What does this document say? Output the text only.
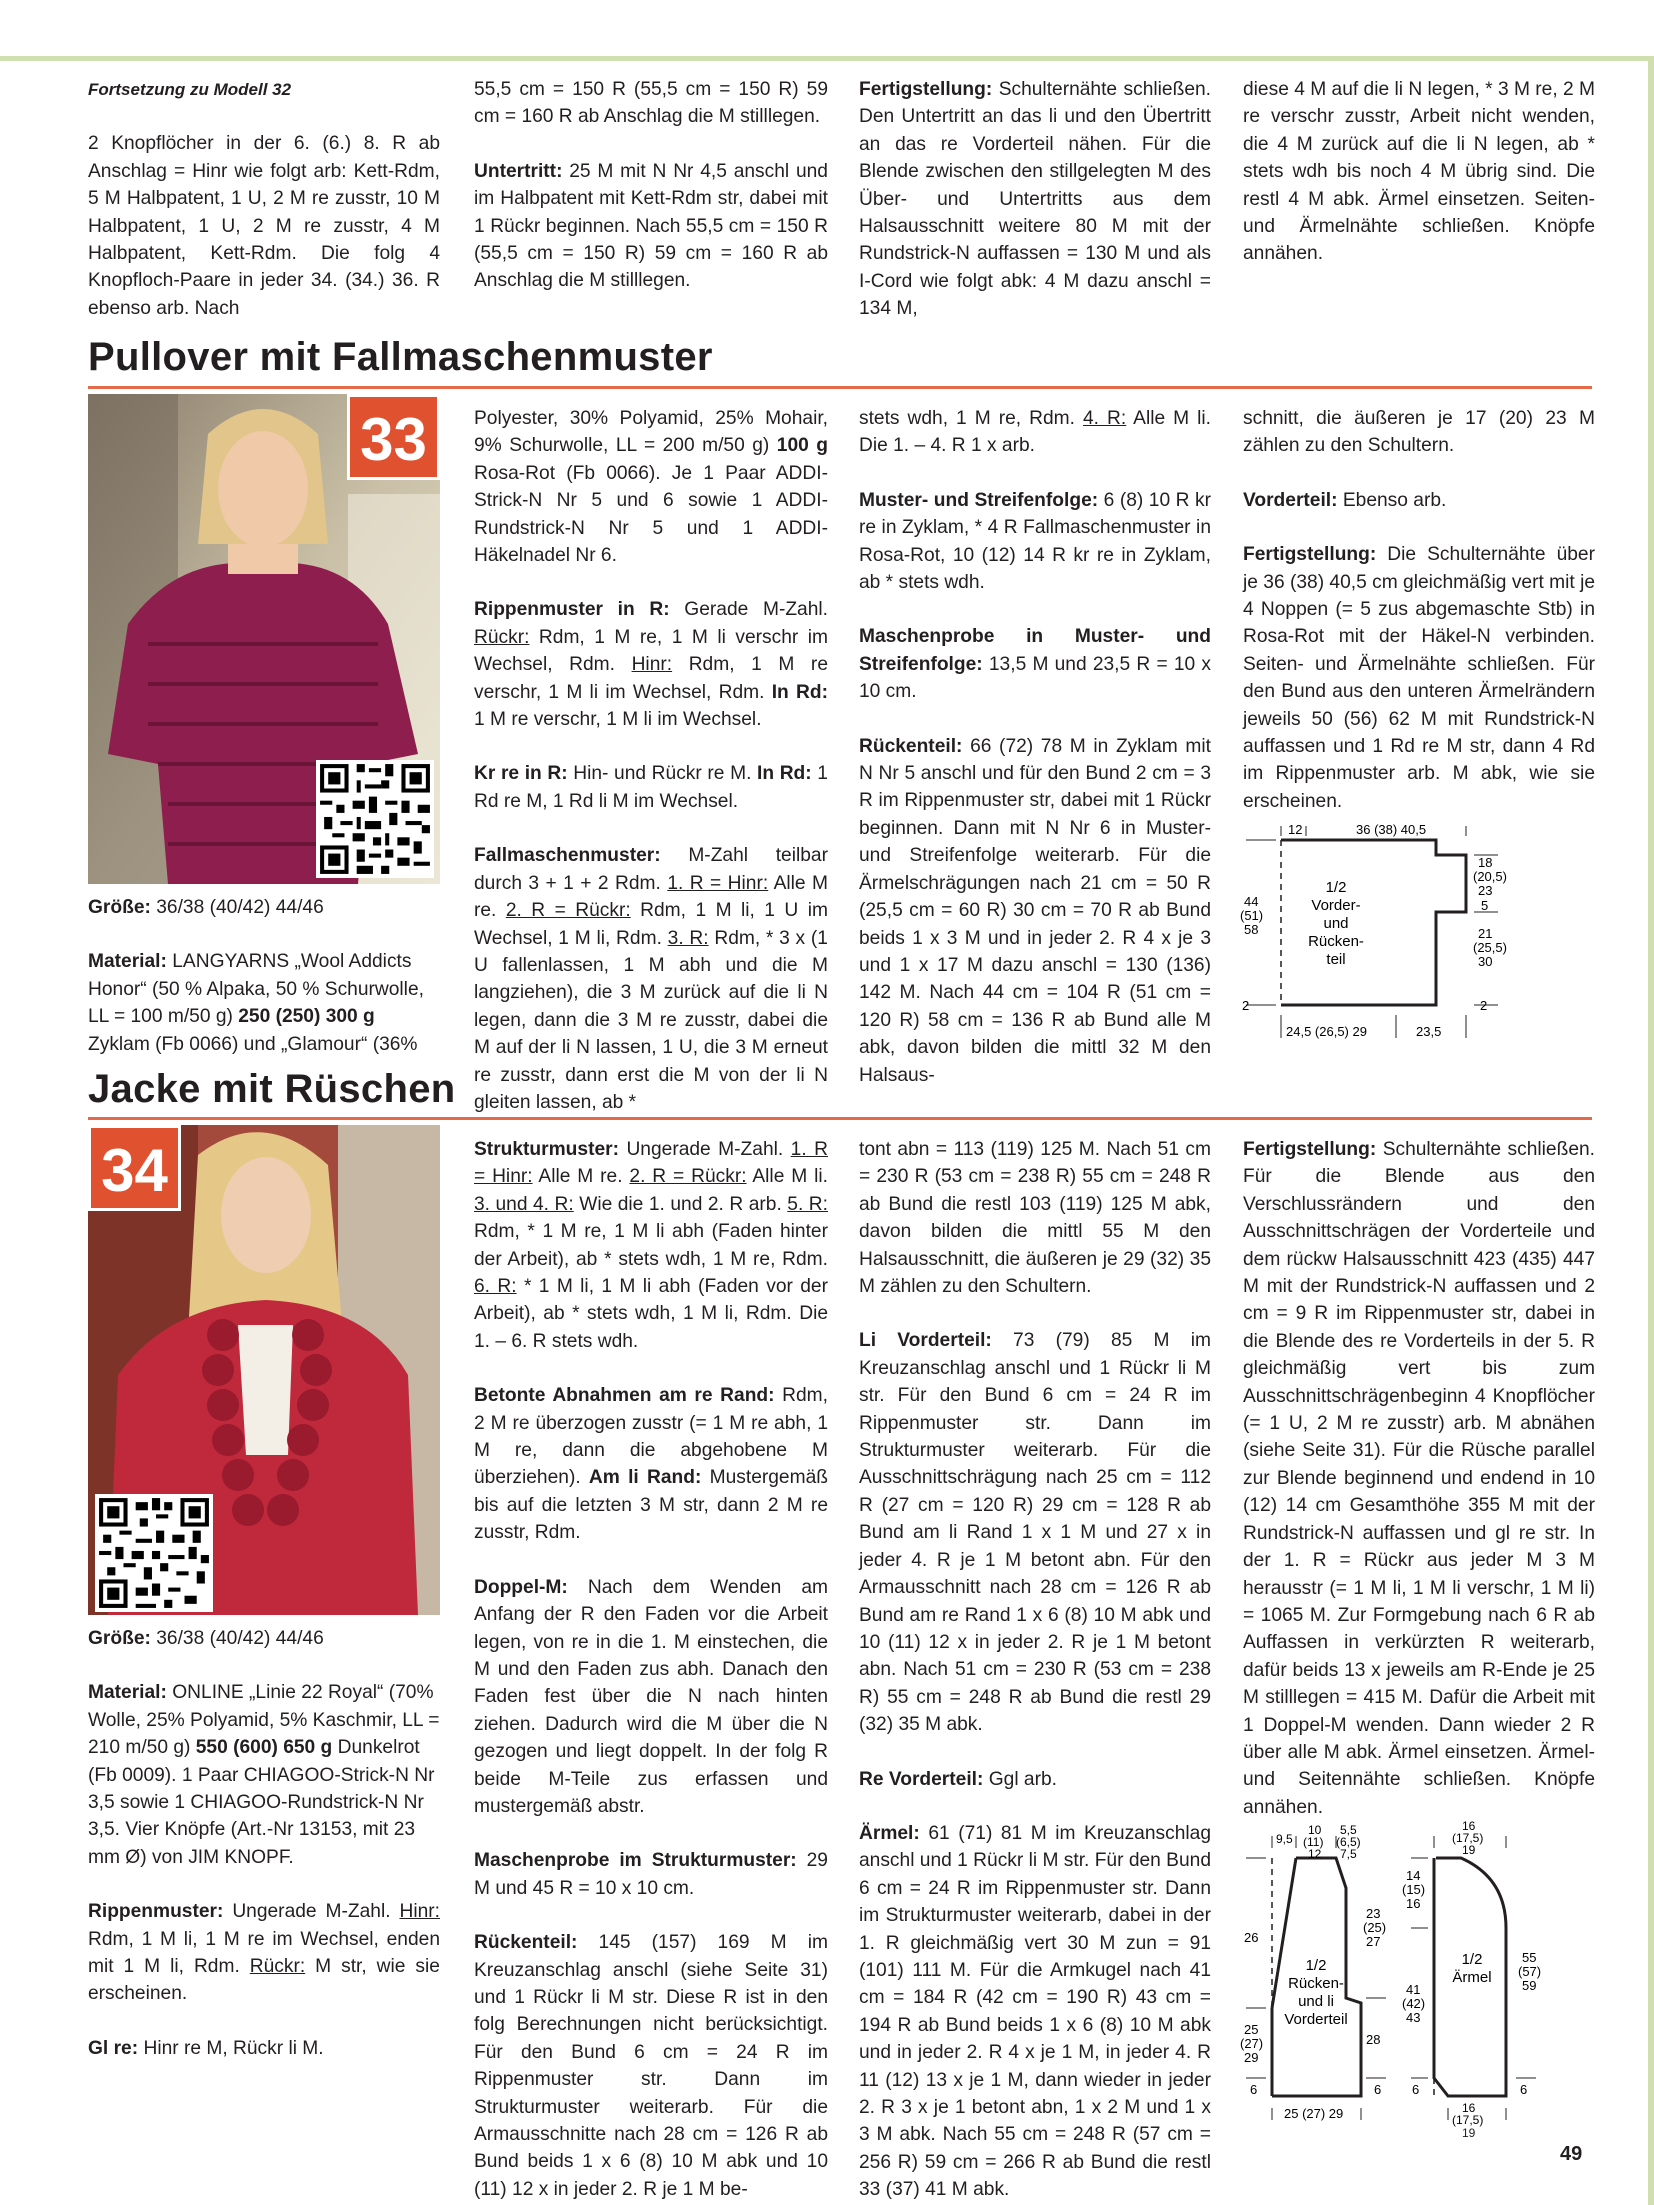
Fortsetzung zu Modell 32

2 Knopflöcher in der 6. (6.) 8. R ab Anschlag = Hinr wie folgt arb: Kett-Rdm, 5 M Halbpatent, 1 U, 2 M re zusstr, 10 M Halbpatent, 1 U, 2 M re zusstr, 4 M Halbpatent, Kett-Rdm. Die folg 4 Knopfloch-Paare in jeder 34. (34.) 36. R ebenso arb. Nach

55,5 cm = 150 R (55,5 cm = 150 R) 59 cm = 160 R ab Anschlag die M stilllegen.

Untertritt: 25 M mit N Nr 4,5 anschl und im Halbpatent mit Kett-Rdm str, dabei mit 1 Rückr beginnen. Nach 55,5 cm = 150 R (55,5 cm = 150 R) 59 cm = 160 R ab Anschlag die M stilllegen.

Fertigstellung: Schulternähte schließen. Den Untertritt an das li und den Übertritt an das re Vorderteil nähen. Für die Blende zwischen den stillgelegten M des Über- und Untertritts aus dem Halsausschnitt weitere 80 M mit der Rundstrick-N auffassen = 130 M und als I-Cord wie folgt abk: 4 M dazu anschl = 134 M,

diese 4 M auf die li N legen, * 3 M re, 2 M re verschr zusstr, Arbeit nicht wenden, die 4 M zurück auf die li N legen, ab * stets wdh bis noch 4 M übrig sind. Die restl 4 M abk. Ärmel einsetzen. Seiten- und Ärmelnähte schließen. Knöpfe annähen.

Pullover mit Fallmaschenmuster
33

Größe: 36/38 (40/42) 44/46

Material: LANGYARNS „Wool Addicts Honor“ (50 % Alpaka, 50 % Schurwolle, LL = 100 m/50 g) 250 (250) 300 g Zyklam (Fb 0066) und „Glamour“ (36%

Polyester, 30% Polyamid, 25% Mohair, 9% Schurwolle, LL = 200 m/50 g) 100 g Rosa-Rot (Fb 0066). Je 1 Paar ADDI-Strick-N Nr 5 und 6 sowie 1 ADDI-Rundstrick-N Nr 5 und 1 ADDI-Häkelnadel Nr 6.

Rippenmuster in R: Gerade M-Zahl. Rückr: Rdm, 1 M re, 1 M li verschr im Wechsel, Rdm. Hinr: Rdm, 1 M re verschr, 1 M li im Wechsel, Rdm. In Rd: 1 M re verschr, 1 M li im Wechsel.

Kr re in R: Hin- und Rückr re M. In Rd: 1 Rd re M, 1 Rd li M im Wechsel.

Fallmaschenmuster: M-Zahl teilbar durch 3 + 1 + 2 Rdm. 1. R = Hinr: Alle M re. 2. R = Rückr: Rdm, 1 M li, 1 U im Wechsel, 1 M li, Rdm. 3. R: Rdm, * 3 x (1 U fallenlassen, 1 M abh und die M langziehen), die 3 M zurück auf die li N legen, dann die 3 M re zusstr, dabei die M auf der li N lassen, 1 U, die 3 M erneut re zusstr, dann erst die M von der li N gleiten lassen, ab *

stets wdh, 1 M re, Rdm. 4. R: Alle M li. Die 1. – 4. R 1 x arb.

Muster- und Streifenfolge: 6 (8) 10 R kr re in Zyklam, * 4 R Fallmaschenmuster in Rosa-Rot, 10 (12) 14 R kr re in Zyklam, ab * stets wdh.

Maschenprobe in Muster- und Streifenfolge: 13,5 M und 23,5 R = 10 x 10 cm.

Rückenteil: 66 (72) 78 M in Zyklam mit N Nr 5 anschl und für den Bund 2 cm = 3 R im Rippenmuster str, dabei mit 1 Rückr beginnen. Dann mit N Nr 6 in Muster- und Streifenfolge weiterarb. Für die Ärmelschrägungen nach 21 cm = 50 R (25,5 cm = 60 R) 30 cm = 70 R ab Bund beids 1 x 3 M und in jeder 2. R 4 x je 3 und 1 x 17 M dazu anschl = 130 (136) 142 M. Nach 44 cm = 104 R (51 cm = 120 R) 58 cm = 136 R ab Bund alle M abk, davon bilden die mittl 32 M den Halsaus-

schnitt, die äußeren je 17 (20) 23 M zählen zu den Schultern.

Vorderteil: Ebenso arb.

Fertigstellung: Die Schulternähte über je 36 (38) 40,5 cm gleichmäßig vert mit je 4 Noppen (= 5 zus abgemaschte Stb) in Rosa-Rot mit der Häkel-N verbinden. Seiten- und Ärmelnähte schließen. Für den Bund aus den unteren Ärmelrändern jeweils 50 (56) 62 M mit Rundstrick-N auffassen und 1 Rd re M str, dann 4 Rd im Rippenmuster arb. M abk, wie sie erscheinen.

12	36 (38) 40,5
18
(20,5)
23
5
21
(25,5)
30
44
(51)
58
2	2
24,5 (26,5) 29	23,5
1/2
Vorder-
und
Rücken-
teil
Jacke mit Rüschen
34

Größe: 36/38 (40/42) 44/46

Material: ONLINE „Linie 22 Royal“ (70% Wolle, 25% Polyamid, 5% Kaschmir, LL = 210 m/50 g) 550 (600) 650 g Dunkelrot (Fb 0009). 1 Paar CHIAGOO-Strick-N Nr 3,5 sowie 1 CHIAGOO-Rundstrick-N Nr 3,5. Vier Knöpfe (Art.-Nr 13153, mit 23 mm Ø) von JIM KNOPF.

Rippenmuster: Ungerade M-Zahl. Hinr: Rdm, 1 M li, 1 M re im Wechsel, enden mit 1 M li, Rdm. Rückr: M str, wie sie erscheinen.

Gl re: Hinr re M, Rückr li M.

Strukturmuster: Ungerade M-Zahl. 1. R = Hinr: Alle M re. 2. R = Rückr: Alle M li. 3. und 4. R: Wie die 1. und 2. R arb. 5. R: Rdm, * 1 M re, 1 M li abh (Faden hinter der Arbeit), ab * stets wdh, 1 M re, Rdm. 6. R: * 1 M li, 1 M li abh (Faden vor der Arbeit), ab * stets wdh, 1 M li, Rdm. Die 1. – 6. R stets wdh.

Betonte Abnahmen am re Rand: Rdm, 2 M re überzogen zusstr (= 1 M re abh, 1 M re, dann die abgehobene M überziehen). Am li Rand: Mustergemäß bis auf die letzten 3 M str, dann 2 M re zusstr, Rdm.

Doppel-M: Nach dem Wenden am Anfang der R den Faden vor die Arbeit legen, von re in die 1. M einstechen, die M und den Faden zus abh. Danach den Faden fest über die N nach hinten ziehen. Dadurch wird die M über die N gezogen und liegt doppelt. In der folg R beide M-Teile zus erfassen und mustergemäß abstr.

Maschenprobe im Strukturmuster: 29 M und 45 R = 10 x 10 cm.

Rückenteil: 145 (157) 169 M im Kreuzanschlag anschl (siehe Seite 31) und 1 Rückr li M str. Diese R ist in den folg Berechnungen nicht berücksichtigt. Für den Bund 6 cm = 24 R im Rippenmuster str. Dann im Strukturmuster weiterarb. Für die Armausschnitte nach 28 cm = 126 R ab Bund beids 1 x 6 (8) 10 M abk und 10 (11) 12 x in jeder 2. R je 1 M be-

tont abn = 113 (119) 125 M. Nach 51 cm = 230 R (53 cm = 238 R) 55 cm = 248 R ab Bund die restl 103 (119) 125 M abk, davon bilden die mittl 55 M den Halsausschnitt, die äußeren je 29 (32) 35 M zählen zu den Schultern.

Li Vorderteil: 73 (79) 85 M im Kreuzanschlag anschl und 1 Rückr li M str. Für den Bund 6 cm = 24 R im Rippenmuster str. Dann im Strukturmuster weiterarb. Für die Ausschnittschrägung nach 25 cm = 112 R (27 cm = 120 R) 29 cm = 128 R ab Bund am li Rand 1 x 1 M und 27 x in jeder 4. R je 1 M betont abn. Für den Armausschnitt nach 28 cm = 126 R ab Bund am re Rand 1 x 6 (8) 10 M abk und 10 (11) 12 x in jeder 2. R je 1 M betont abn. Nach 51 cm = 230 R (53 cm = 238 R) 55 cm = 248 R ab Bund die restl 29 (32) 35 M abk.

Re Vorderteil: Ggl arb.

Ärmel: 61 (71) 81 M im Kreuzanschlag anschl und 1 Rückr li M str. Für den Bund 6 cm = 24 R im Rippenmuster str. Dann im Strukturmuster weiterarb, dabei in der 1. R gleichmäßig vert 30 M zun = 91 (101) 111 M. Für die Armkugel nach 41 cm = 184 R (42 cm = 190 R) 43 cm = 194 R ab Bund beids 1 x 6 (8) 10 M abk und in jeder 2. R 4 x je 1 M, in jeder 4. R 11 (12) 13 x je 1 M, dann wieder in jeder 2. R 3 x je 1 betont abn, 1 x 2 M und 1 x 3 M abk. Nach 55 cm = 248 R (57 cm = 256 R) 59 cm = 266 R ab Bund die restl 33 (37) 41 M abk.

Fertigstellung: Schulternähte schließen. Für die Blende aus den Verschlussrändern und den Ausschnittschrägen der Vorderteile und dem rückw Halsausschnitt 423 (435) 447 M mit der Rundstrick-N auffassen und 2 cm = 9 R im Rippenmuster str, dabei in die Blende des re Vorderteils in der 5. R gleichmäßig vert bis zum Ausschnittschrägenbeginn 4 Knopflöcher (= 1 U, 2 M re zusstr) arb. M abnähen (siehe Seite 31). Für die Rüsche parallel zur Blende beginnend und endend in 10 (12) 14 cm Gesamthöhe 355 M mit der Rundstrick-N auffassen und gl re str. In der 1. R = Rückr aus jeder M 3 M herausstr (= 1 M li, 1 M li verschr, 1 M li) = 1065 M. Zur Formgebung nach 6 R ab Auffassen in verkürzten R weiterarb, dafür beids 13 x jeweils am R-Ende je 25 M stilllegen = 415 M. Dafür die Arbeit mit 1 Doppel-M wenden. Dann wieder 2 R über alle M abk. Ärmel einsetzen. Ärmel- und Seitennähte schließen. Knöpfe annähen.

9,5
10
(11)
12
5,5
(6,5)
7,5
26
23
(25)
27
25
(27)
29
28
6	6
25 (27) 29
1/2
Rücken-
und li
Vorderteil
16
(17,5)
19
14
(15)
16
41
(42)
43
55
(57)
59
6	6
16
(17,5)
1/2
Ärmel
19
49
